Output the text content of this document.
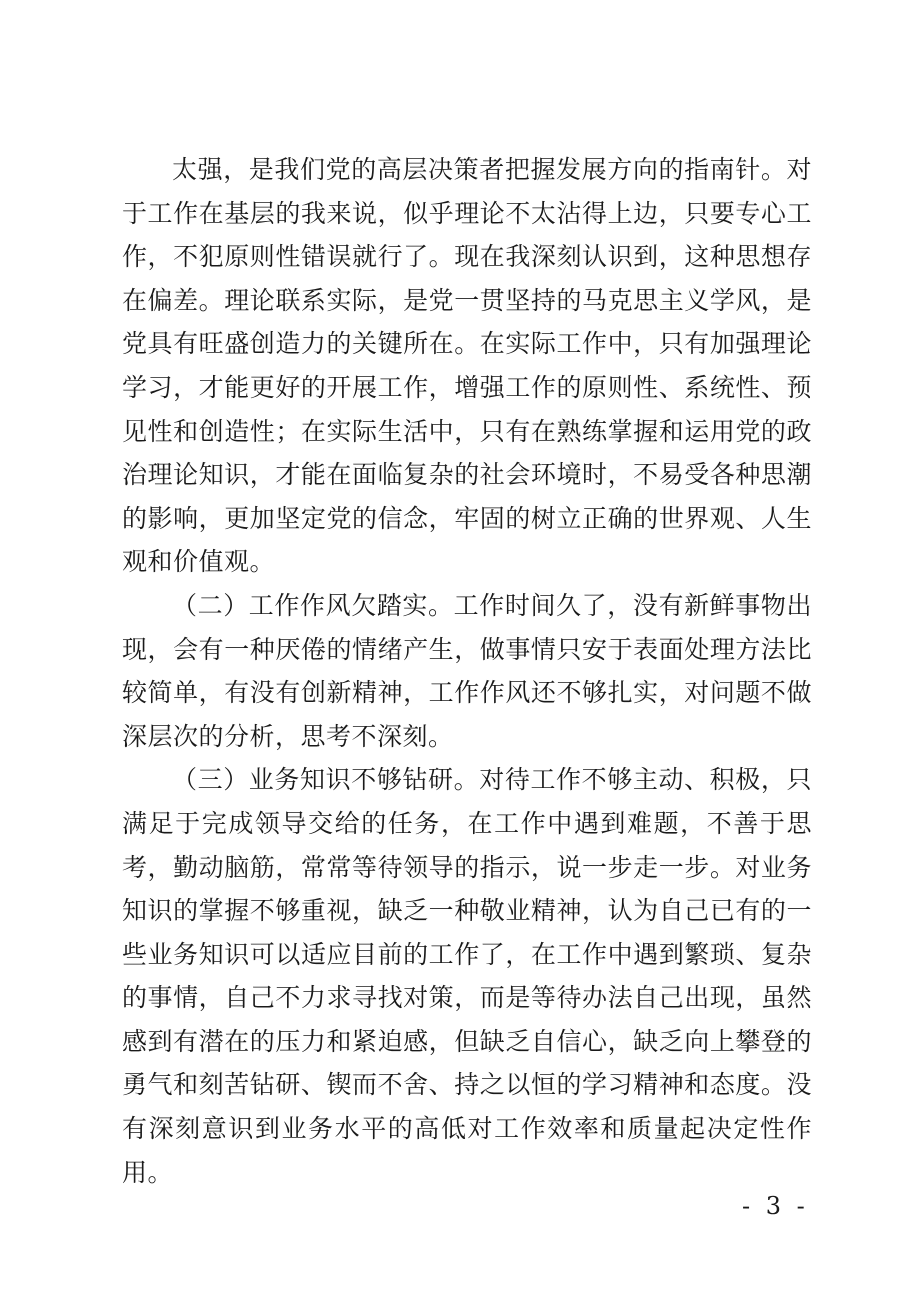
太强，是我们党的高层决策者把握发展方向的指南针。对于工作在基层的我来说，似乎理论不太沾得上边，只要专心工作，不犯原则性错误就行了。现在我深刻认识到，这种思想存在偏差。理论联系实际，是党一贯坚持的马克思主义学风，是党具有旺盛创造力的关键所在。在实际工作中，只有加强理论学习，才能更好的开展工作，增强工作的原则性、系统性、预见性和创造性；在实际生活中，只有在熟练掌握和运用党的政治理论知识，才能在面临复杂的社会环境时，不易受各种思潮的影响，更加坚定党的信念，牢固的树立正确的世界观、人生观和价值观。

（二）工作作风欠踏实。工作时间久了，没有新鲜事物出现，会有一种厌倦的情绪产生，做事情只安于表面处理方法比较简单，有没有创新精神，工作作风还不够扎实，对问题不做深层次的分析，思考不深刻。

（三）业务知识不够钻研。对待工作不够主动、积极，只满足于完成领导交给的任务，在工作中遇到难题，不善于思考，勤动脑筋，常常等待领导的指示，说一步走一步。对业务知识的掌握不够重视，缺乏一种敬业精神，认为自己已有的一些业务知识可以适应目前的工作了，在工作中遇到繁琐、复杂的事情，自己不力求寻找对策，而是等待办法自己出现，虽然感到有潜在的压力和紧迫感，但缺乏自信心，缺乏向上攀登的勇气和刻苦钻研、锲而不舍、持之以恒的学习精神和态度。没有深刻意识到业务水平的高低对工作效率和质量起决定性作用。

- 3 -
